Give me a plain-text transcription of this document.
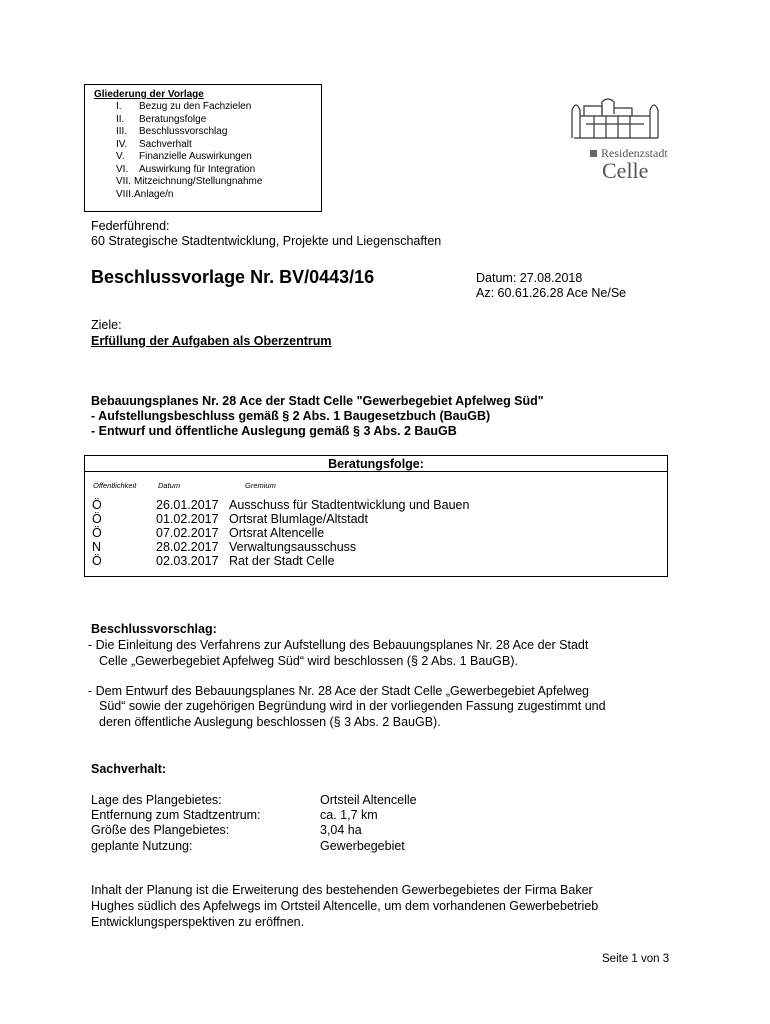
Gliederung der Vorlage
I. Bezug zu den Fachzielen
II. Beratungsfolge
III. Beschlussvorschlag
IV. Sachverhalt
V. Finanzielle Auswirkungen
VI. Auswirkung für Integration
VII. Mitzeichnung/Stellungnahme
VIII. Anlage/n
Residenzstadt
Celle
Federführend:
60 Strategische Stadtentwicklung, Projekte und Liegenschaften
Beschlussvorlage Nr. BV/0443/16	Datum: 27.08.2018
Az: 60.61.26.28 Ace Ne/Se
Ziele:
Erfüllung der Aufgaben als Oberzentrum
Bebauungsplanes Nr. 28 Ace der Stadt Celle "Gewerbegebiet Apfelweg Süd"
- Aufstellungsbeschluss gemäß § 2 Abs. 1 Baugesetzbuch (BauGB)
- Entwurf und öffentliche Auslegung gemäß § 3 Abs. 2 BauGB
Beratungsfolge:
Öffentlichkeit	Datum	Gremium
Ö	26.01.2017 Ausschuss für Stadtentwicklung und Bauen
Ö	01.02.2017 Ortsrat Blumlage/Altstadt
Ö	07.02.2017 Ortsrat Altencelle
N	28.02.2017 Verwaltungsausschuss
Ö	02.03.2017 Rat der Stadt Celle
Beschlussvorschlag:
- Die Einleitung des Verfahrens zur Aufstellung des Bebauungsplanes Nr. 28 Ace der Stadt
Celle „Gewerbegebiet Apfelweg Süd“ wird beschlossen (§ 2 Abs. 1 BauGB).
- Dem Entwurf des Bebauungsplanes Nr. 28 Ace der Stadt Celle „Gewerbegebiet Apfelweg
Süd“ sowie der zugehörigen Begründung wird in der vorliegenden Fassung zugestimmt und
deren öffentliche Auslegung beschlossen (§ 3 Abs. 2 BauGB).
Sachverhalt:
Lage des Plangebietes:	Ortsteil Altencelle
Entfernung zum Stadtzentrum:	ca. 1,7 km
Größe des Plangebietes:	3,04 ha
geplante Nutzung:	Gewerbegebiet
Inhalt der Planung ist die Erweiterung des bestehenden Gewerbegebietes der Firma Baker
Hughes südlich des Apfelwegs im Ortsteil Altencelle, um dem vorhandenen Gewerbebetrieb
Entwicklungsperspektiven zu eröffnen.
Seite 1 von 3
